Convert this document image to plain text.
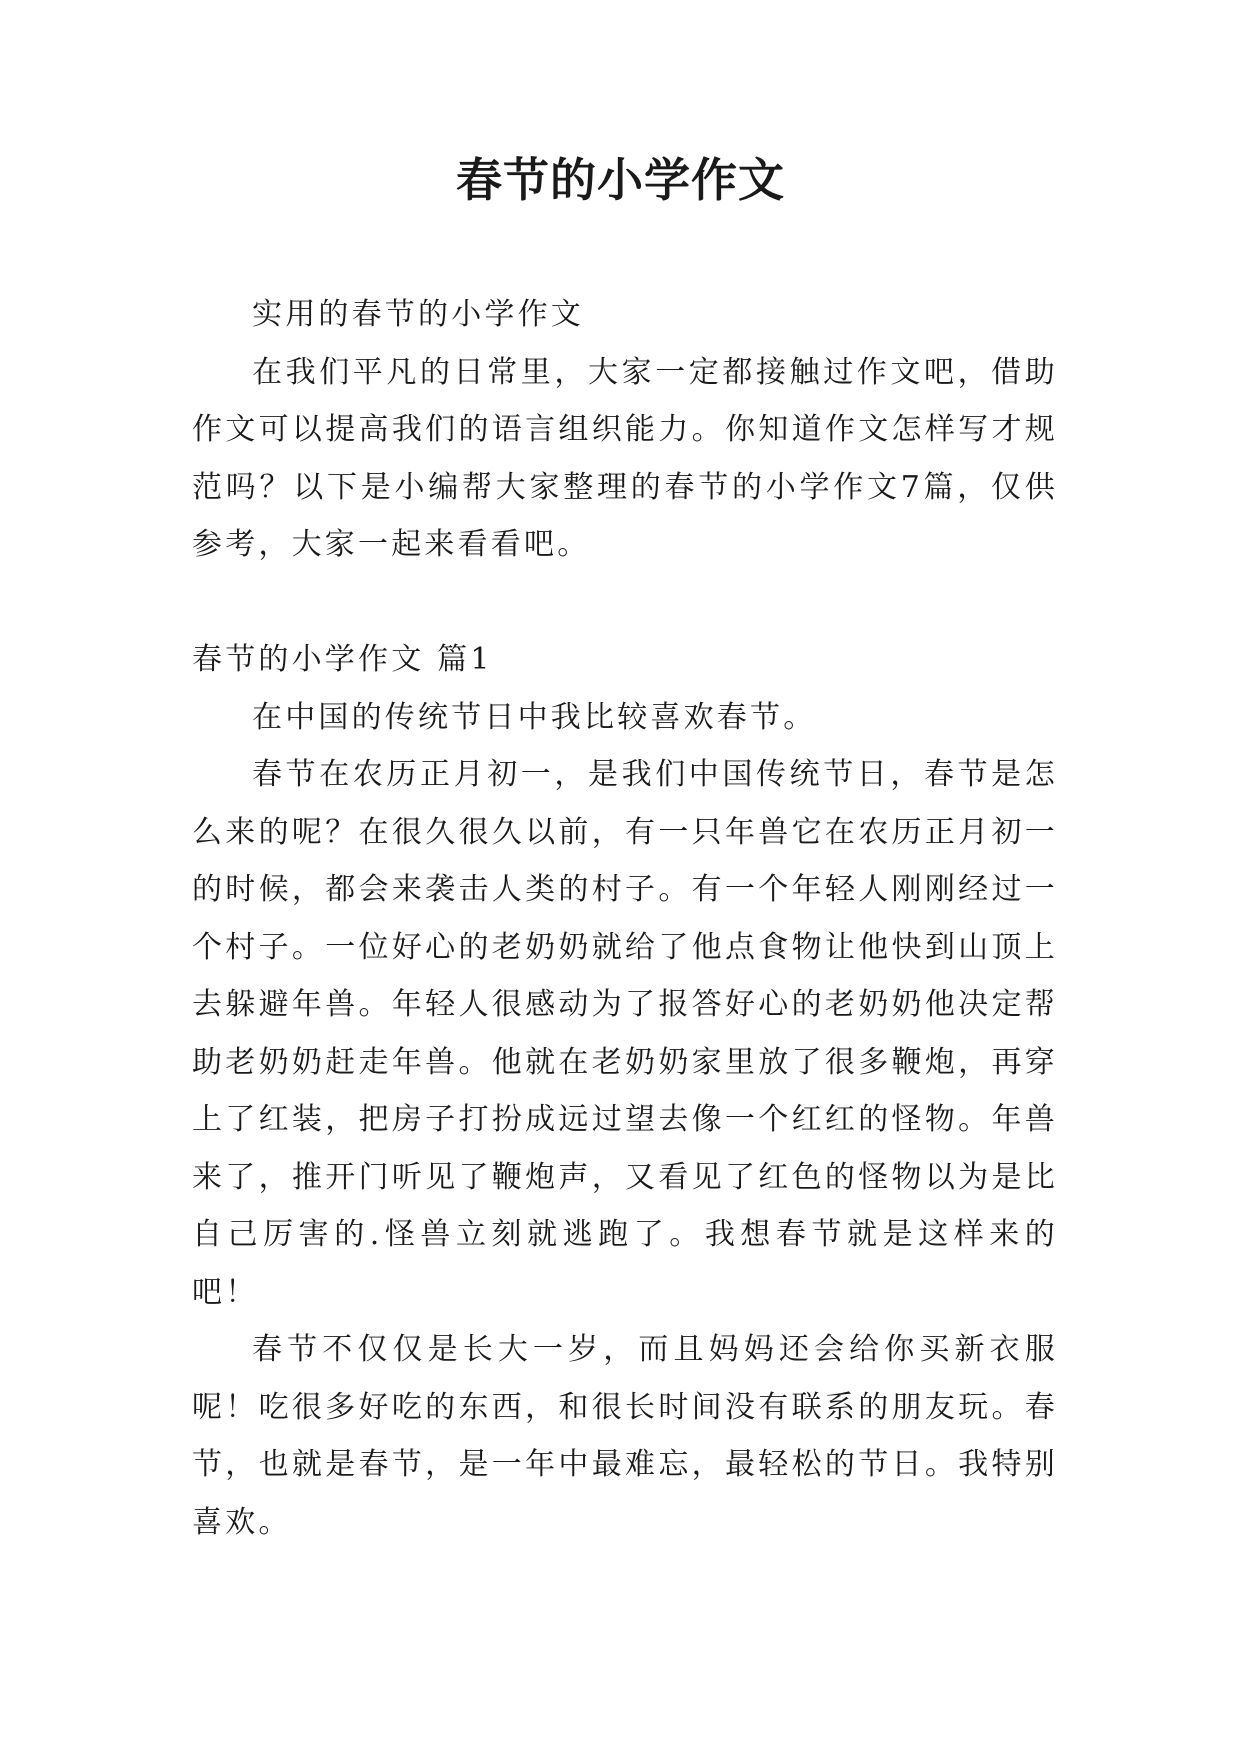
春节的小学作文

实用的春节的小学作文

在我们平凡的日常里，大家一定都接触过作文吧，借助作文可以提高我们的语言组织能力。你知道作文怎样写才规范吗？以下是小编帮大家整理的春节的小学作文7篇，仅供参考，大家一起来看看吧。

春节的小学作文 篇1

在中国的传统节日中我比较喜欢春节。

春节在农历正月初一，是我们中国传统节日，春节是怎么来的呢？在很久很久以前，有一只年兽它在农历正月初一的时候，都会来袭击人类的村子。有一个年轻人刚刚经过一个村子。一位好心的老奶奶就给了他点食物让他快到山顶上去躲避年兽。年轻人很感动为了报答好心的老奶奶他决定帮助老奶奶赶走年兽。他就在老奶奶家里放了很多鞭炮，再穿上了红装，把房子打扮成远过望去像一个红红的怪物。年兽来了，推开门听见了鞭炮声，又看见了红色的怪物以为是比自己厉害的.怪兽立刻就逃跑了。我想春节就是这样来的吧！

春节不仅仅是长大一岁，而且妈妈还会给你买新衣服呢！吃很多好吃的东西，和很长时间没有联系的朋友玩。春节，也就是春节，是一年中最难忘，最轻松的节日。我特别喜欢。
